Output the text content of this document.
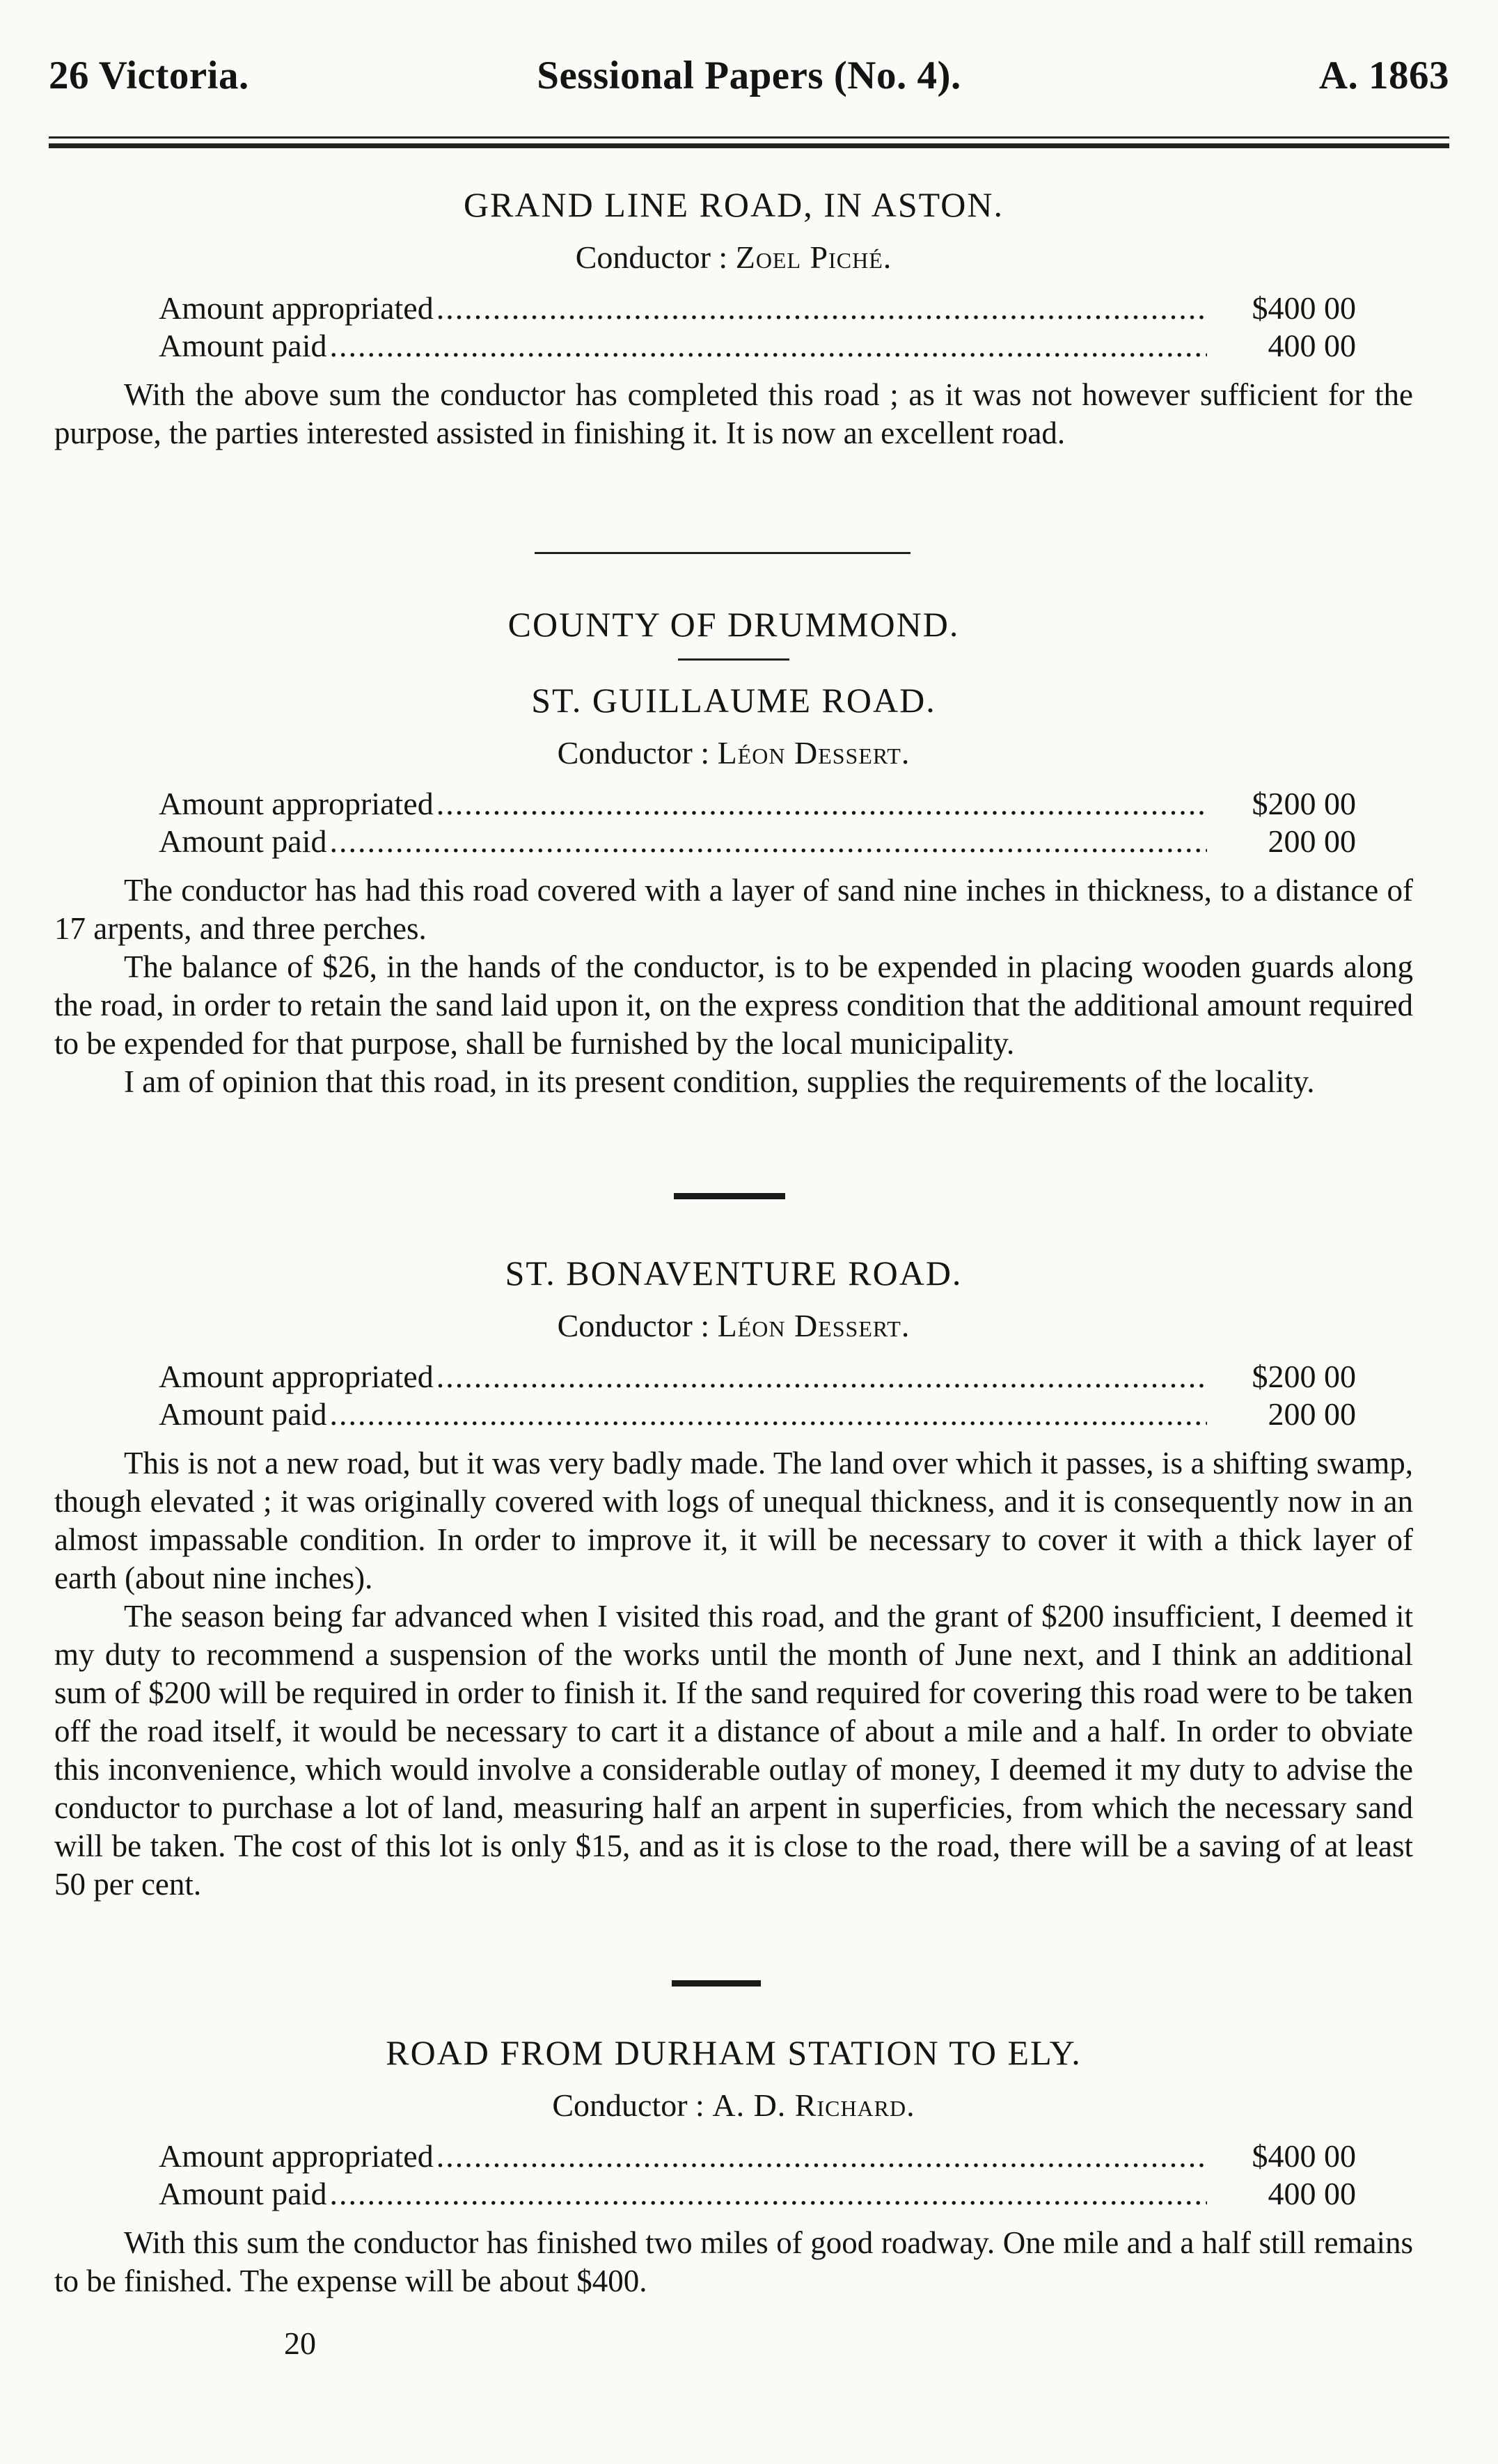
26 Victoria.	Sessional Papers (No. 4).	A. 1863
GRAND LINE ROAD, IN ASTON.
Conductor : Zoel Piché.
Amount appropriated .....	$400 00
Amount paid .....	400 00

With the above sum the conductor has completed this road ; as it was not however sufficient for the purpose, the parties interested assisted in finishing it. It is now an excellent road.

COUNTY OF DRUMMOND.
ST. GUILLAUME ROAD.
Conductor : Léon Dessert.
Amount appropriated .....	$200 00
Amount paid .....	200 00

The conductor has had this road covered with a layer of sand nine inches in thickness, to a distance of 17 arpents, and three perches.

The balance of $26, in the hands of the conductor, is to be expended in placing wooden guards along the road, in order to retain the sand laid upon it, on the express condition that the additional amount required to be expended for that purpose, shall be furnished by the local municipality.

I am of opinion that this road, in its present condition, supplies the requirements of the locality.

ST. BONAVENTURE ROAD.
Conductor : Léon Dessert.
Amount appropriated .....	$200 00
Amount paid .....	200 00

This is not a new road, but it was very badly made. The land over which it passes, is a shifting swamp, though elevated ; it was originally covered with logs of unequal thickness, and it is consequently now in an almost impassable condition. In order to improve it, it will be necessary to cover it with a thick layer of earth (about nine inches).

The season being far advanced when I visited this road, and the grant of $200 insufficient, I deemed it my duty to recommend a suspension of the works until the month of June next, and I think an additional sum of $200 will be required in order to finish it. If the sand required for covering this road were to be taken off the road itself, it would be necessary to cart it a distance of about a mile and a half. In order to obviate this inconvenience, which would involve a considerable outlay of money, I deemed it my duty to advise the conductor to purchase a lot of land, measuring half an arpent in superficies, from which the necessary sand will be taken. The cost of this lot is only $15, and as it is close to the road, there will be a saving of at least 50 per cent.

ROAD FROM DURHAM STATION TO ELY.
Conductor : A. D. Richard.
Amount appropriated .....	$400 00
Amount paid .....	400 00

With this sum the conductor has finished two miles of good roadway. One mile and a half still remains to be finished. The expense will be about $400.

20
